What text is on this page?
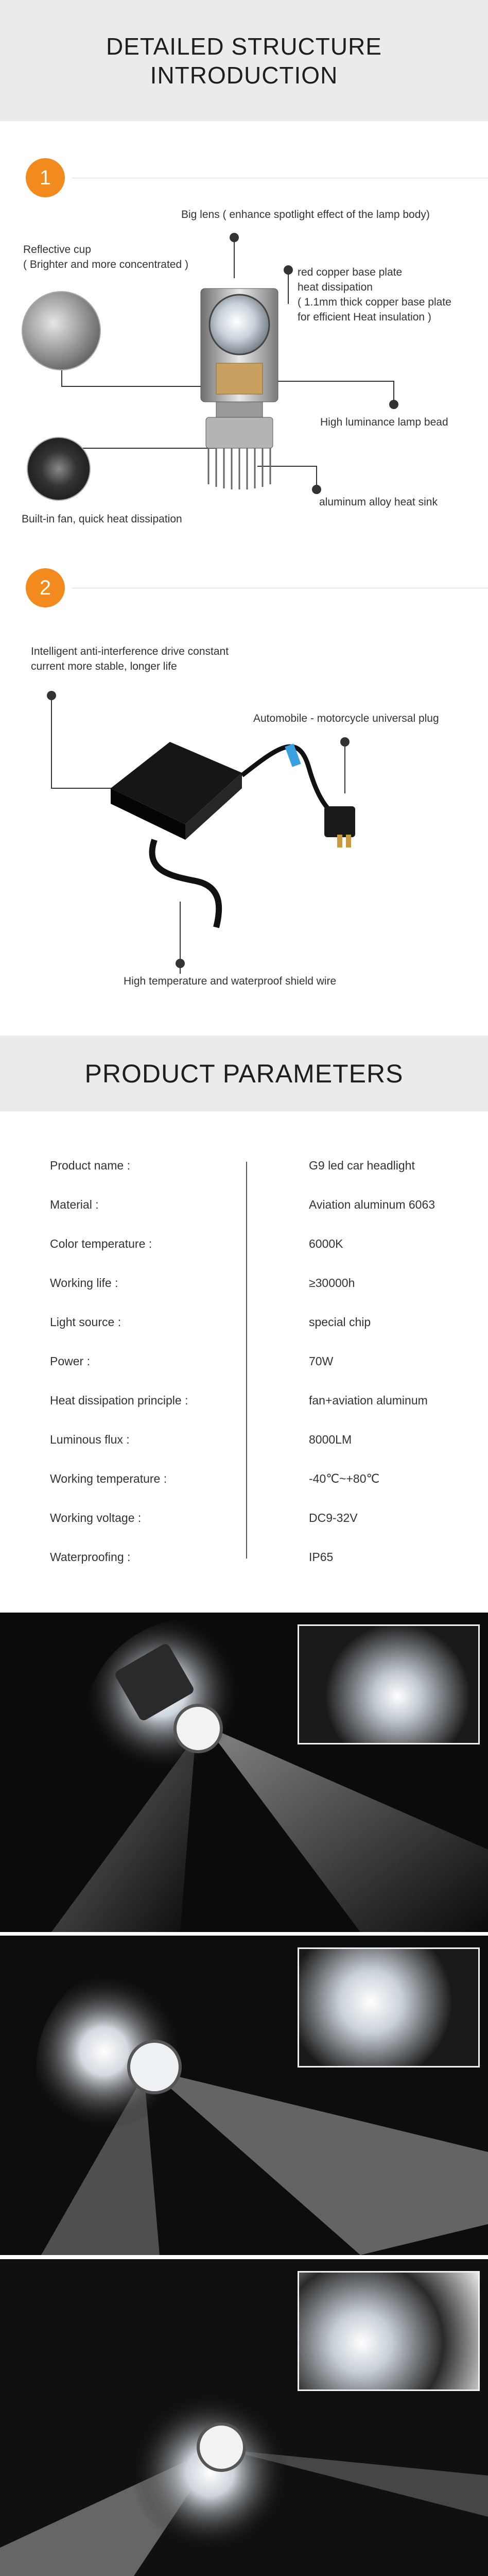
DETAILED STRUCTURE
INTRODUCTION
1
Big lens ( enhance spotlight effect of the lamp body)
Reflective cup
( Brighter and more concentrated )
red copper base plate
heat dissipation
( 1.1mm thick copper base plate
for efficient Heat insulation )
High luminance lamp bead
aluminum alloy heat sink
Built-in fan, quick heat dissipation
2
Intelligent anti-interference drive constant
current more stable, longer life
Automobile - motorcycle universal plug
High temperature and waterproof shield wire
PRODUCT PARAMETERS
Product name :	G9 led car headlight
Material :	Aviation aluminum 6063
Color temperature :	6000K
Working life :	≥30000h
Light source :	special chip
Power :	70W
Heat dissipation principle :	fan+aviation aluminum
Luminous flux :	8000LM
Working temperature :	-40℃~+80℃
Working voltage :	DC9-32V
Waterproofing :	IP65
